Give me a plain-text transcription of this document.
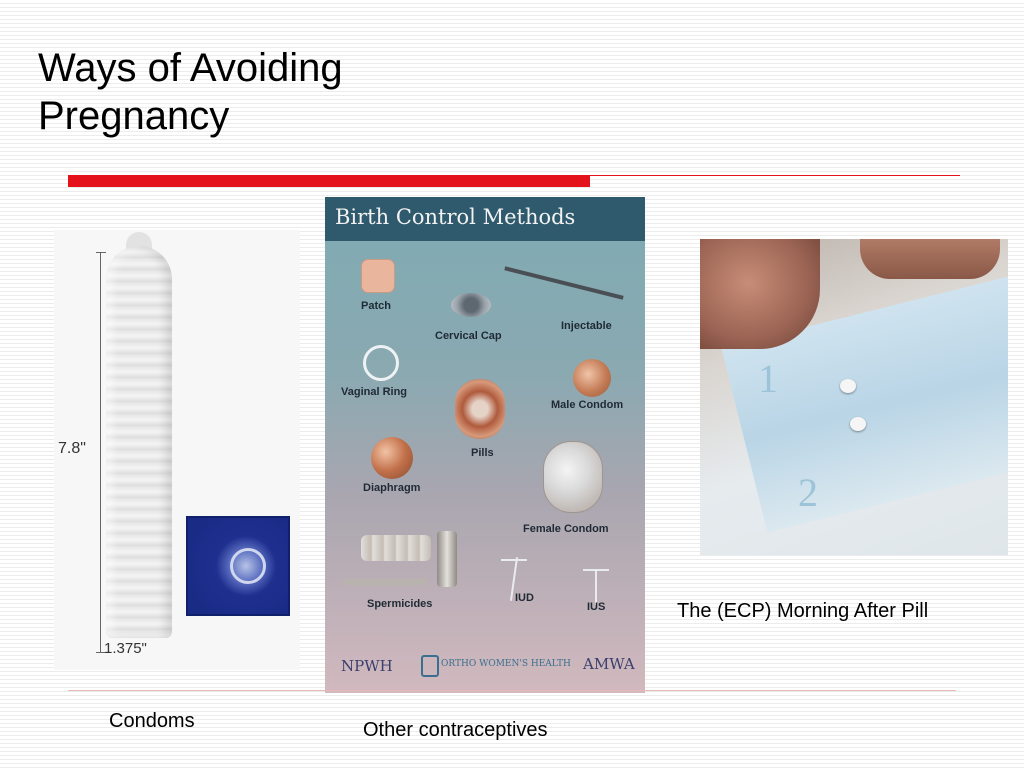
Ways of Avoiding
Pregnancy
7.8"
1.375"
Birth Control Methods
Patch
Cervical Cap
Injectable
Vaginal Ring
Pills
Male Condom
Diaphragm
Female Condom
Spermicides	IUD
IUS
NPWH	ORTHO WOMEN'S HEALTH AMWA
1
2
The (ECP) Morning After Pill
Condoms	Other contraceptives
